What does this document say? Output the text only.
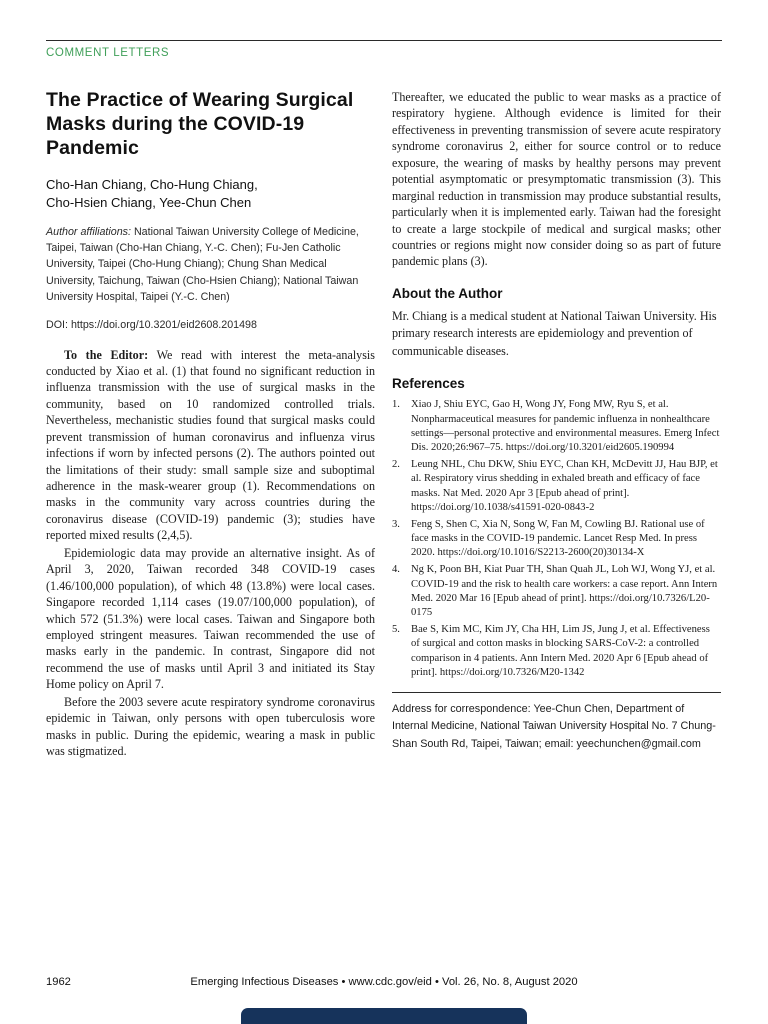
COMMENT LETTERS
The Practice of Wearing Surgical Masks during the COVID-19 Pandemic
Cho-Han Chiang, Cho-Hung Chiang,
Cho-Hsien Chiang, Yee-Chun Chen

Author affiliations: National Taiwan University College of Medicine, Taipei, Taiwan (Cho-Han Chiang, Y.-C. Chen); Fu-Jen Catholic University, Taipei (Cho-Hung Chiang); Chung Shan Medical University, Taichung, Taiwan (Cho-Hsien Chiang); National Taiwan University Hospital, Taipei (Y.-C. Chen)

DOI: https://doi.org/10.3201/eid2608.201498

To the Editor: We read with interest the meta-analysis conducted by Xiao et al. (1) that found no significant reduction in influenza transmission with the use of surgical masks in the community, based on 10 randomized controlled trials. Nevertheless, mechanistic studies found that surgical masks could prevent transmission of human coronavirus and influenza virus infections if worn by infected persons (2). The authors pointed out the limitations of their study: small sample size and suboptimal adherence in the mask-wearer group (1). Recommendations on masks in the community vary across countries during the coronavirus disease (COVID-19) pandemic (3); studies have reported mixed results (2,4,5).

Epidemiologic data may provide an alternative insight. As of April 3, 2020, Taiwan recorded 348 COVID-19 cases (1.46/100,000 population), of which 48 (13.8%) were local cases. Singapore recorded 1,114 cases (19.07/100,000 population), of which 572 (51.3%) were local cases. Taiwan and Singapore both employed stringent measures. Taiwan recommended the use of masks early in the pandemic. In contrast, Singapore did not recommend the use of masks until April 3 and initiated its Stay Home policy on April 7.

Before the 2003 severe acute respiratory syndrome coronavirus epidemic in Taiwan, only persons with open tuberculosis wore masks in public. During the epidemic, wearing a mask in public was stigmatized.

Thereafter, we educated the public to wear masks as a practice of respiratory hygiene. Although evidence is limited for their effectiveness in preventing transmission of severe acute respiratory syndrome coronavirus 2, either for source control or to reduce exposure, the wearing of masks by healthy persons may prevent potential asymptomatic or presymptomatic transmission (3). This marginal reduction in transmission may produce substantial results, particularly when it is implemented early. Taiwan had the foresight to create a large stockpile of medical and surgical masks; other countries or regions might now consider doing so as part of future pandemic plans (3).

About the Author

Mr. Chiang is a medical student at National Taiwan University. His primary research interests are epidemiology and prevention of communicable diseases.

References
1.	Xiao J, Shiu EYC, Gao H, Wong JY, Fong MW, Ryu S, et al. Nonpharmaceutical measures for pandemic influenza in nonhealthcare settings—personal protective and environmental measures. Emerg Infect Dis. 2020;26:967–75. https://doi.org/10.3201/eid2605.190994
2.	Leung NHL, Chu DKW, Shiu EYC, Chan KH, McDevitt JJ, Hau BJP, et al. Respiratory virus shedding in exhaled breath and efficacy of face masks. Nat Med. 2020 Apr 3 [Epub ahead of print]. https://doi.org/10.1038/s41591-020-0843-2
3.	Feng S, Shen C, Xia N, Song W, Fan M, Cowling BJ. Rational use of face masks in the COVID-19 pandemic. Lancet Resp Med. In press 2020. https://doi.org/10.1016/S2213-2600(20)30134-X
4.	Ng K, Poon BH, Kiat Puar TH, Shan Quah JL, Loh WJ, Wong YJ, et al. COVID-19 and the risk to health care workers: a case report. Ann Intern Med. 2020 Mar 16 [Epub ahead of print]. https://doi.org/10.7326/L20-0175
5.	Bae S, Kim MC, Kim JY, Cha HH, Lim JS, Jung J, et al. Effectiveness of surgical and cotton masks in blocking SARS-CoV-2: a controlled comparison in 4 patients. Ann Intern Med. 2020 Apr 6 [Epub ahead of print]. https://doi.org/10.7326/M20-1342

Address for correspondence: Yee-Chun Chen, Department of Internal Medicine, National Taiwan University Hospital No. 7 Chung-Shan South Rd, Taipei, Taiwan; email: yeechunchen@gmail.com

1962	Emerging Infectious Diseases • www.cdc.gov/eid • Vol. 26, No. 8, August 2020
